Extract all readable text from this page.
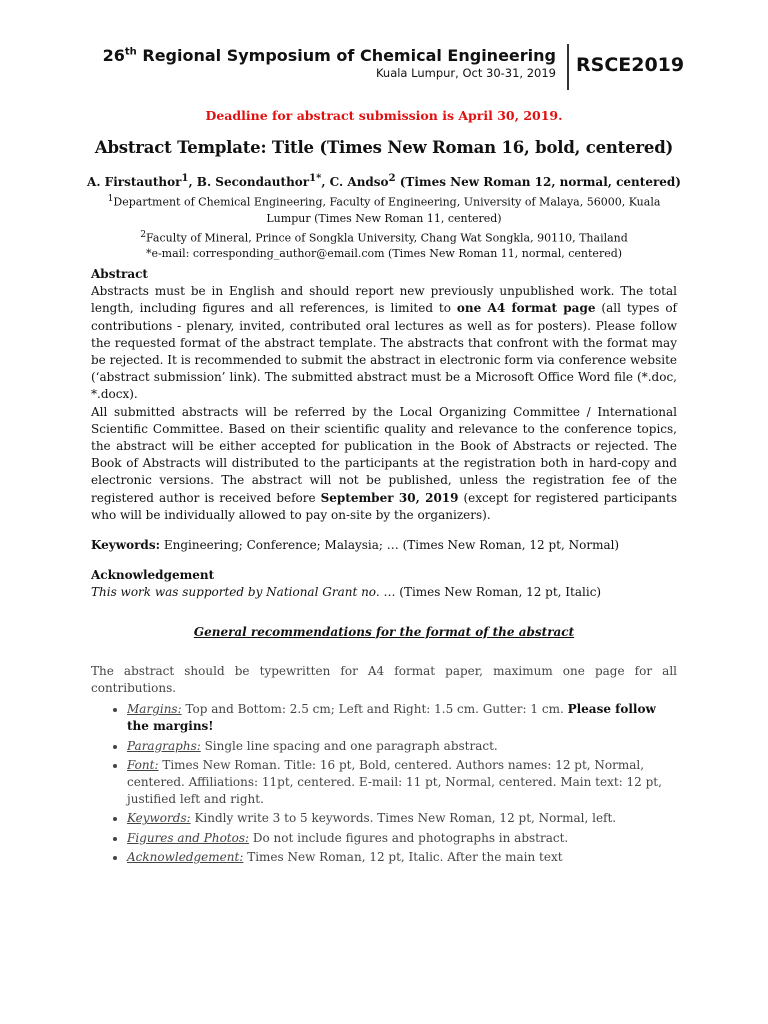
26th Regional Symposium of Chemical Engineering
Kuala Lumpur, Oct 30-31, 2019 RSCE2019
Deadline for abstract submission is April 30, 2019.
Abstract Template: Title (Times New Roman 16, bold, centered)
A. Firstauthor$^1$, B. Secondauthor$^{1*}$, C. Andso$^2$ (Times New Roman 12, normal, centered)
$^1$Department of Chemical Engineering, Faculty of Engineering, University of Malaya, 56000, Kuala Lumpur (Times New Roman 11, centered)
$^2$Faculty of Mineral, Prince of Songkla University, Chang Wat Songkla, 90110, Thailand
*e-mail: corresponding_author@email.com (Times New Roman 11, normal, centered)
Abstract

Abstracts must be in English and should report new previously unpublished work. The total length, including figures and all references, is limited to one A4 format page (all types of contributions - plenary, invited, contributed oral lectures as well as for posters). Please follow the requested format of the abstract template. The abstracts that confront with the format may be rejected. It is recommended to submit the abstract in electronic form via conference website (‘abstract submission’ link). The submitted abstract must be a Microsoft Office Word file (*.doc, *.docx).

All submitted abstracts will be referred by the Local Organizing Committee / International Scientific Committee. Based on their scientific quality and relevance to the conference topics, the abstract will be either accepted for publication in the Book of Abstracts or rejected. The Book of Abstracts will distributed to the participants at the registration both in hard-copy and electronic versions. The abstract will not be published, unless the registration fee of the registered author is received before September 30, 2019 (except for registered participants who will be individually allowed to pay on-site by the organizers).

Keywords: Engineering; Conference; Malaysia; … (Times New Roman, 12 pt, Normal)

Acknowledgement

This work was supported by National Grant no. … (Times New Roman, 12 pt, Italic)

General recommendations for the format of the abstract

The abstract should be typewritten for A4 format paper, maximum one page for all contributions.

• Margins: Top and Bottom: 2.5 cm; Left and Right: 1.5 cm. Gutter: 1 cm. Please follow the margins!
• Paragraphs: Single line spacing and one paragraph abstract.
• Font: Times New Roman. Title: 16 pt, Bold, centered. Authors names: 12 pt, Normal, centered. Affiliations: 11pt, centered. E-mail: 11 pt, Normal, centered. Main text: 12 pt, justified left and right.
• Keywords: Kindly write 3 to 5 keywords. Times New Roman, 12 pt, Normal, left.
• Figures and Photos: Do not include figures and photographs in abstract.
• Acknowledgement: Times New Roman, 12 pt, Italic. After the main text
